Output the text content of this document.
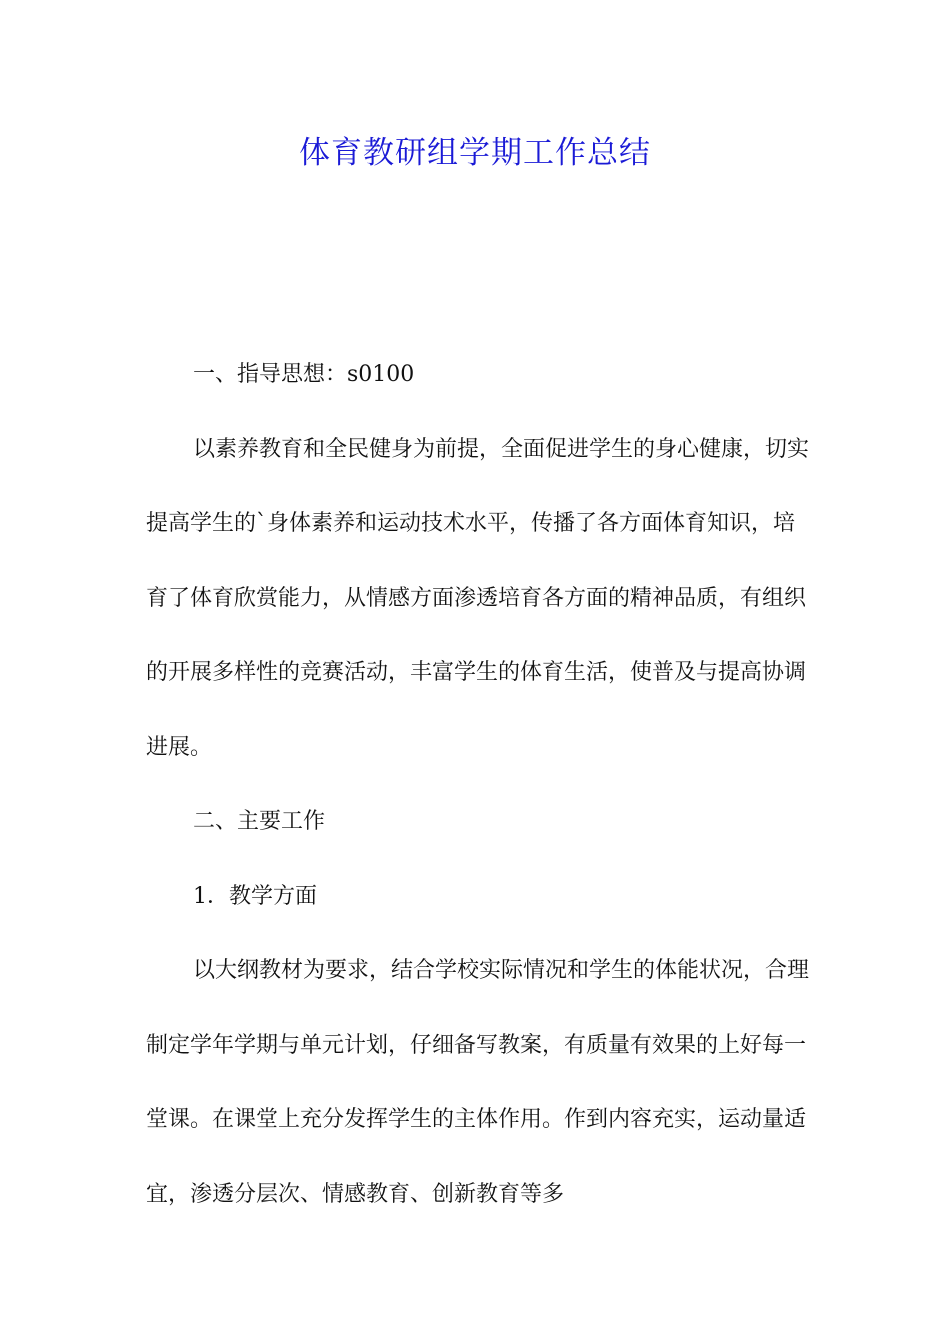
体育教研组学期工作总结

一、指导思想：s0100

以素养教育和全民健身为前提，全面促进学生的身心健康，切实提高学生的`身体素养和运动技术水平，传播了各方面体育知识，培育了体育欣赏能力，从情感方面渗透培育各方面的精神品质，有组织的开展多样性的竞赛活动，丰富学生的体育生活，使普及与提高协调进展。

二、主要工作

1．教学方面

以大纲教材为要求，结合学校实际情况和学生的体能状况，合理制定学年学期与单元计划，仔细备写教案，有质量有效果的上好每一堂课。在课堂上充分发挥学生的主体作用。作到内容充实，运动量适宜，渗透分层次、情感教育、创新教育等多
